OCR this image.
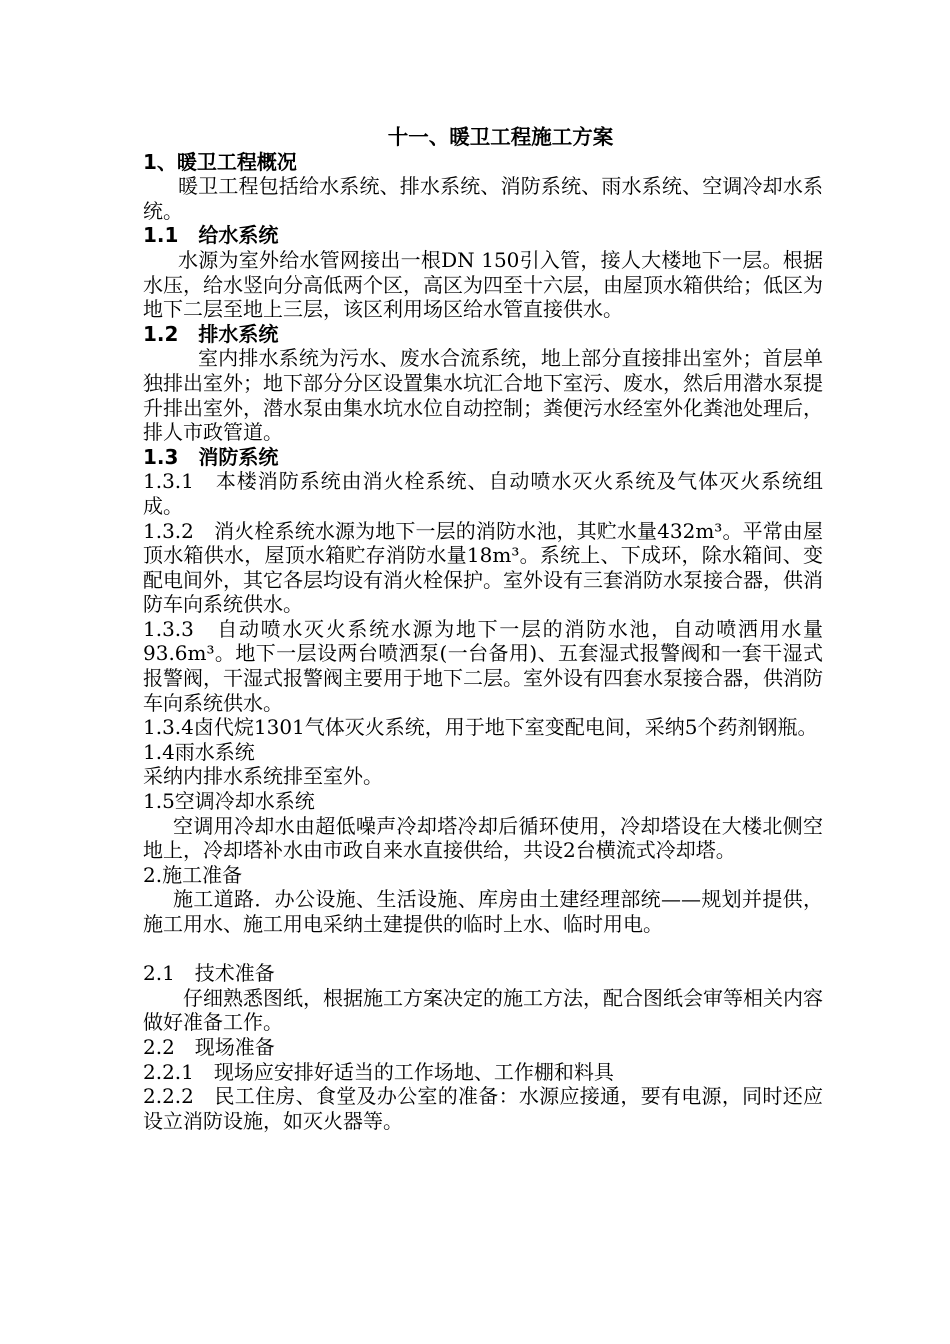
十一、暖卫工程施工方案

1、暖卫工程概况

暖卫工程包括给水系统、排水系统、消防系统、雨水系统、空调冷却水系统。

1.1　给水系统

水源为室外给水管网接出一根DN 150引入管，接人大楼地下一层。根据水压，给水竖向分高低两个区，高区为四至十六层，由屋顶水箱供给；低区为地下二层至地上三层，该区利用场区给水管直接供水。

1.2　排水系统

室内排水系统为污水、废水合流系统，地上部分直接排出室外；首层单独排出室外；地下部分分区设置集水坑汇合地下室污、废水，然后用潜水泵提升排出室外，潜水泵由集水坑水位自动控制；粪便污水经室外化粪池处理后，排人市政管道。

1.3　消防系统

1.3.1　本楼消防系统由消火栓系统、自动喷水灭火系统及气体灭火系统组成。

1.3.2　消火栓系统水源为地下一层的消防水池，其贮水量432m³。平常由屋顶水箱供水，屋顶水箱贮存消防水量18m³。系统上、下成环，除水箱间、变配电间外，其它各层均设有消火栓保护。室外设有三套消防水泵接合器，供消防车向系统供水。

1.3.3　自动喷水灭火系统水源为地下一层的消防水池，自动喷洒用水量93.6m³。地下一层设两台喷洒泵(一台备用)、五套湿式报警阀和一套干湿式报警阀，干湿式报警阀主要用于地下二层。室外设有四套水泵接合器，供消防车向系统供水。

1.3.4卤代烷1301气体灭火系统，用于地下室变配电间，采纳5个药剂钢瓶。

1.4雨水系统

采纳内排水系统排至室外。

1.5空调冷却水系统

空调用冷却水由超低噪声冷却塔冷却后循环使用，冷却塔设在大楼北侧空地上，冷却塔补水由市政自来水直接供给，共设2台横流式冷却塔。

2.施工准备

施工道路．办公设施、生活设施、库房由土建经理部统——规划并提供，施工用水、施工用电采纳土建提供的临时上水、临时用电。

2.1　技术准备

仔细熟悉图纸，根据施工方案决定的施工方法，配合图纸会审等相关内容做好准备工作。

2.2　现场准备

2.2.1　现场应安排好适当的工作场地、工作棚和料具

2.2.2　民工住房、食堂及办公室的准备：水源应接通，要有电源，同时还应设立消防设施，如灭火器等。
